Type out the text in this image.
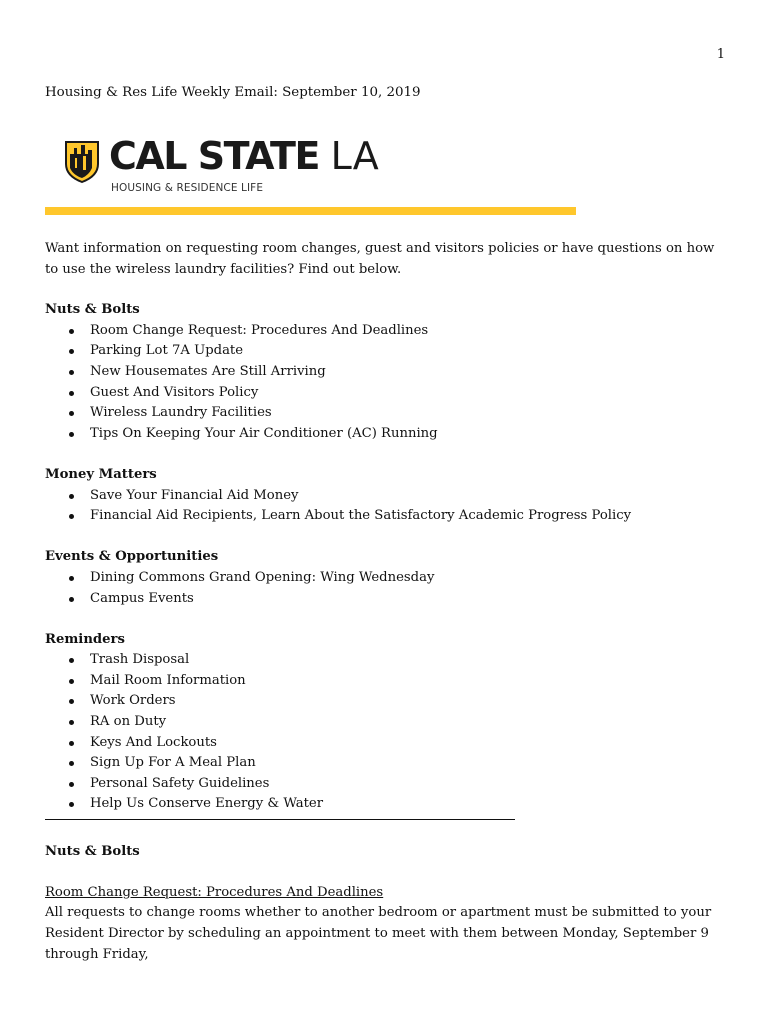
1
Housing & Res Life Weekly Email: September 10, 2019
CAL STATE LA
HOUSING & RESIDENCE LIFE

Want information on requesting room changes, guest and visitors policies or have questions on how to use the wireless laundry facilities? Find out below.

Nuts & Bolts

Room Change Request: Procedures And Deadlines
Parking Lot 7A Update
New Housemates Are Still Arriving
Guest And Visitors Policy
Wireless Laundry Facilities
Tips On Keeping Your Air Conditioner (AC) Running

Money Matters

Save Your Financial Aid Money
Financial Aid Recipients, Learn About the Satisfactory Academic Progress Policy

Events & Opportunities

Dining Commons Grand Opening: Wing Wednesday
Campus Events

Reminders

Trash Disposal
Mail Room Information
Work Orders
RA on Duty
Keys And Lockouts
Sign Up For A Meal Plan
Personal Safety Guidelines
Help Us Conserve Energy & Water

Nuts & Bolts

Room Change Request: Procedures And Deadlines

All requests to change rooms whether to another bedroom or apartment must be submitted to your Resident Director by scheduling an appointment to meet with them between Monday, September 9 through Friday,
